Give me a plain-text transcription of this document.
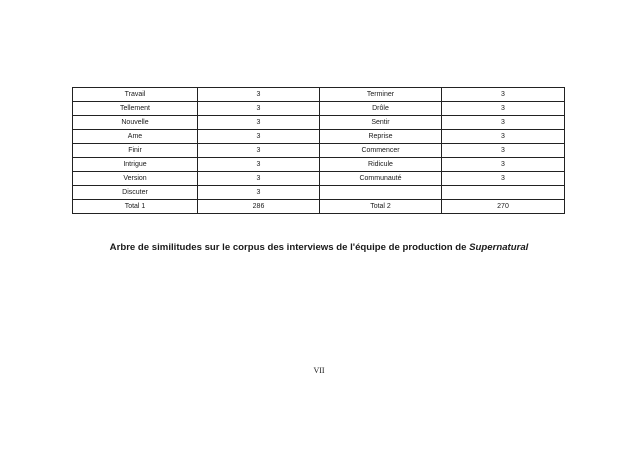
Travail	3	Terminer	3
Tellement	3	Drôle	3
Nouvelle	3	Sentir	3
Ame	3	Reprise	3
Finir	3	Commencer	3
Intrigue	3	Ridicule	3
Version	3	Communauté	3
Discuter	3		
Total 1	286	Total 2	270
Arbre de similitudes sur le corpus des interviews de l'équipe de production de Supernatural
VII
